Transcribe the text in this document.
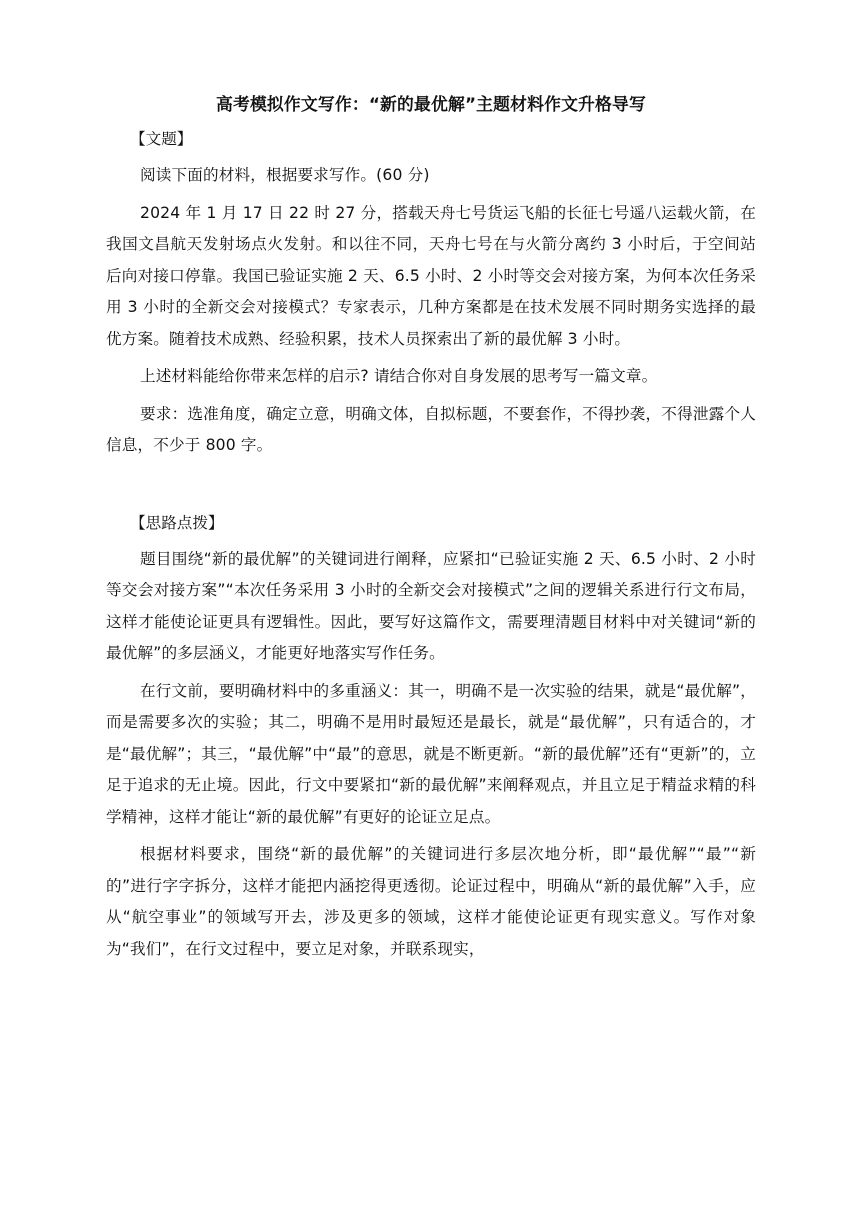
高考模拟作文写作：“新的最优解”主题材料作文升格导写
【文题】

阅读下面的材料，根据要求写作。(60 分)

2024 年 1 月 17 日 22 时 27 分，搭载天舟七号货运飞船的长征七号遥八运载火箭，在我国文昌航天发射场点火发射。和以往不同，天舟七号在与火箭分离约 3 小时后，于空间站后向对接口停靠。我国已验证实施 2 天、6.5 小时、2 小时等交会对接方案，为何本次任务采用 3 小时的全新交会对接模式？专家表示，几种方案都是在技术发展不同时期务实选择的最优方案。随着技术成熟、经验积累，技术人员探索出了新的最优解 3 小时。

上述材料能给你带来怎样的启示? 请结合你对自身发展的思考写一篇文章。

要求：选准角度，确定立意，明确文体，自拟标题，不要套作，不得抄袭，不得泄露个人信息，不少于 800 字。

【思路点拨】

题目围绕“新的最优解”的关键词进行阐释，应紧扣“已验证实施 2 天、6.5 小时、2 小时等交会对接方案”“本次任务采用 3 小时的全新交会对接模式”之间的逻辑关系进行行文布局，这样才能使论证更具有逻辑性。因此，要写好这篇作文，需要理清题目材料中对关键词“新的最优解”的多层涵义，才能更好地落实写作任务。

在行文前，要明确材料中的多重涵义：其一，明确不是一次实验的结果，就是“最优解”，而是需要多次的实验；其二，明确不是用时最短还是最长，就是“最优解”，只有适合的，才是“最优解”；其三，“最优解”中“最”的意思，就是不断更新。“新的最优解”还有“更新”的，立足于追求的无止境。因此，行文中要紧扣“新的最优解”来阐释观点，并且立足于精益求精的科学精神，这样才能让“新的最优解”有更好的论证立足点。

根据材料要求，围绕“新的最优解”的关键词进行多层次地分析，即“最优解”“最”“新的”进行字字拆分，这样才能把内涵挖得更透彻。论证过程中，明确从“新的最优解”入手，应从“航空事业”的领域写开去，涉及更多的领域，这样才能使论证更有现实意义。写作对象为“我们”，在行文过程中，要立足对象，并联系现实，
